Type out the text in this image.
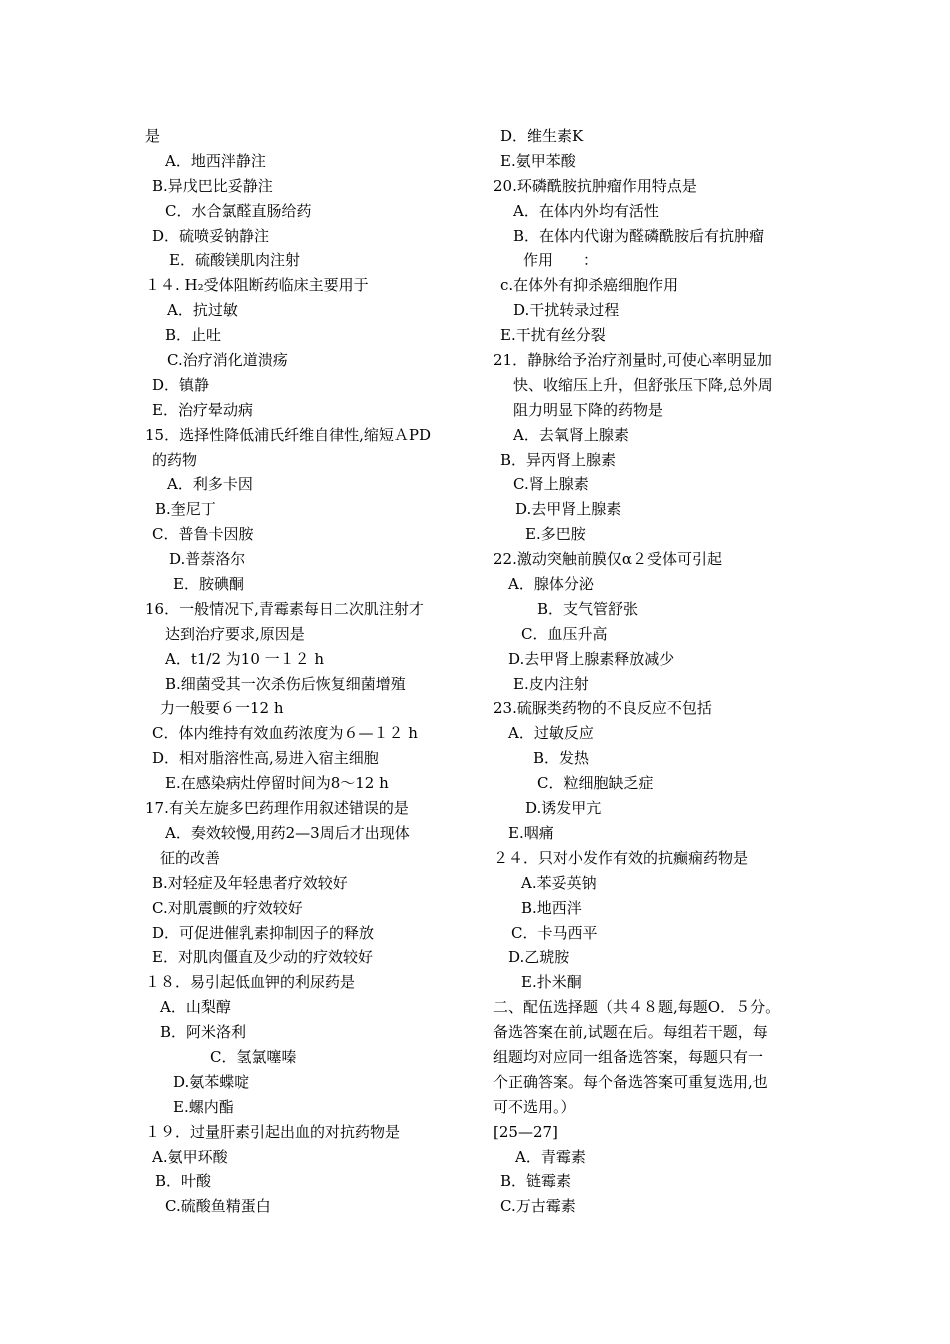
是
A．地西泮静注
B.异戊巴比妥静注
C．水合氯醛直肠给药
D．硫喷妥钠静注
E．硫酸镁肌肉注射
１４. H₂受体阻断药临床主要用于
A．抗过敏
B．止吐
C.治疗消化道溃疡
D．镇静
E．治疗晕动病
15．选择性降低浦氏纤维自律性,缩短ＡPD
的药物
A．利多卡因
B.奎尼丁
C．普鲁卡因胺
D.普萘洛尔
E．胺碘酮
16．一般情况下,青霉素每日二次肌注射才
达到治疗要求,原因是
A．t1/2 为10 一１２ h
B.细菌受其一次杀伤后恢复细菌增殖
力一般要６一12 h
C．体内维持有效血药浓度为６—１２ h
D．相对脂溶性高,易进入宿主细胞
E.在感染病灶停留时间为8～12 h
17.有关左旋多巴药理作用叙述错误的是
A．奏效较慢,用药2—3周后才出现体
征的改善
B.对轻症及年轻患者疗效较好
C.对肌震颤的疗效较好
D．可促进催乳素抑制因子的释放
E．对肌肉僵直及少动的疗效较好
１８．易引起低血钾的利尿药是
A．山梨醇
B．阿米洛利
C．氢氯噻嗪
D.氨苯蝶啶
E.螺内酯
１９．过量肝素引起出血的对抗药物是
A.氨甲环酸
B．叶酸
C.硫酸鱼精蛋白
D．维生素K
E.氨甲苯酸
20.环磷酰胺抗肿瘤作用特点是
A．在体内外均有活性
B．在体内代谢为醛磷酰胺后有抗肿瘤
作用　　：
c.在体外有抑杀癌细胞作用
D.干扰转录过程
E.干扰有丝分裂
21．静脉给予治疗剂量时,可使心率明显加
快、收缩压上升，但舒张压下降,总外周
阻力明显下降的药物是
A．去氧肾上腺素
B．异丙肾上腺素
C.肾上腺素
D.去甲肾上腺素
E.多巴胺
22.激动突触前膜仅α２受体可引起
A．腺体分泌
B．支气管舒张
C．血压升高
D.去甲肾上腺素释放减少
E.皮内注射
23.硫脲类药物的不良反应不包括
A．过敏反应
B．发热
C．粒细胞缺乏症
D.诱发甲亢
E.咽痛
２４．只对小发作有效的抗癫痫药物是
A.苯妥英钠
B.地西泮
C．卡马西平
D.乙琥胺
E.扑米酮
二、配伍选择题（共４８题,每题O．５分。
备选答案在前,试题在后。每组若干题，每
组题均对应同一组备选答案，每题只有一
个正确答案。每个备选答案可重复选用,也
可不选用。）
[25—27]
A．青霉素
B．链霉素
C.万古霉素
